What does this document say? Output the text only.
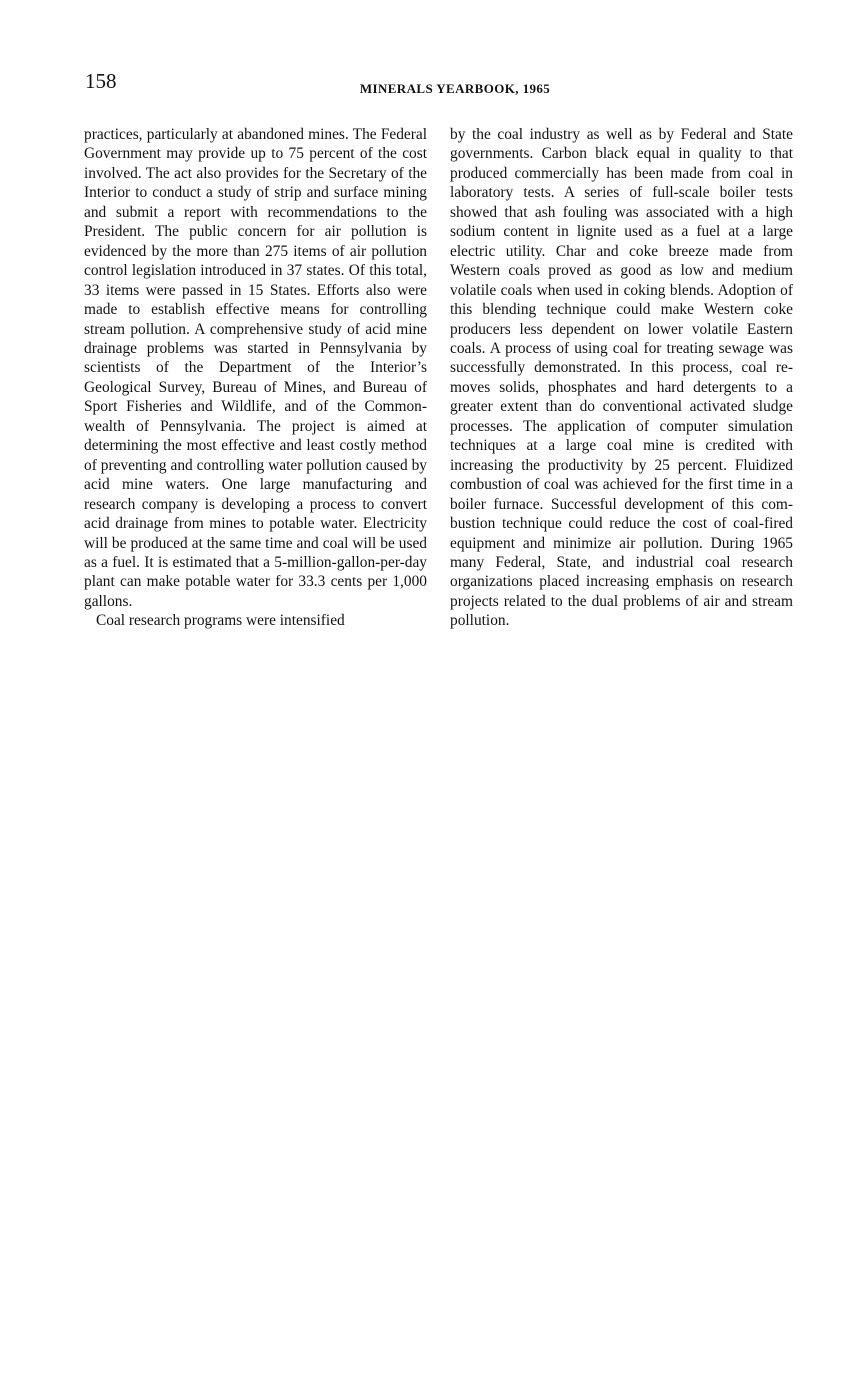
158	MINERALS YEARBOOK, 1965

practices, particularly at abandoned mines. The Federal Government may provide up to 75 percent of the cost involved. The act also provides for the Secretary of the Interior to conduct a study of strip and surface mining and submit a report with recommendations to the President. The public concern for air pollution is evidenced by the more than 275 items of air pollution control legislation introduced in 37 states. Of this total, 33 items were passed in 15 States. Efforts also were made to establish effective means for controlling stream pollution. A comprehensive study of acid mine drainage problems was started in Pennsylvania by scientists of the Department of the Interior’s Geological Survey, Bureau of Mines, and Bureau of Sport Fisheries and Wildlife, and of the Commonwealth of Pennsylvania. The project is aimed at determining the most effective and least costly method of preventing and controlling water pollution caused by acid mine waters. One large manufacturing and research company is developing a process to convert acid drainage from mines to potable water. Electricity will be produced at the same time and coal will be used as a fuel. It is estimated that a 5-million-gallon-per-day plant can make potable water for 33.3 cents per 1,000 gallons.

Coal research programs were intensified

by the coal industry as well as by Federal and State governments. Carbon black equal in quality to that produced commercially has been made from coal in laboratory tests. A series of full-scale boiler tests showed that ash fouling was associated with a high sodium content in lignite used as a fuel at a large electric utility. Char and coke breeze made from Western coals proved as good as low and medium volatile coals when used in coking blends. Adoption of this blending technique could make Western coke producers less dependent on lower volatile Eastern coals. A process of using coal for treating sewage was successfully demonstrated. In this process, coal removes solids, phosphates and hard detergents to a greater extent than do conventional activated sludge processes. The application of computer simulation techniques at a large coal mine is credited with increasing the productivity by 25 percent. Fluidized combustion of coal was achieved for the first time in a boiler furnace. Successful development of this combustion technique could reduce the cost of coal-fired equipment and minimize air pollution. During 1965 many Federal, State, and industrial coal research organizations placed increasing emphasis on research projects related to the dual problems of air and stream pollution.
